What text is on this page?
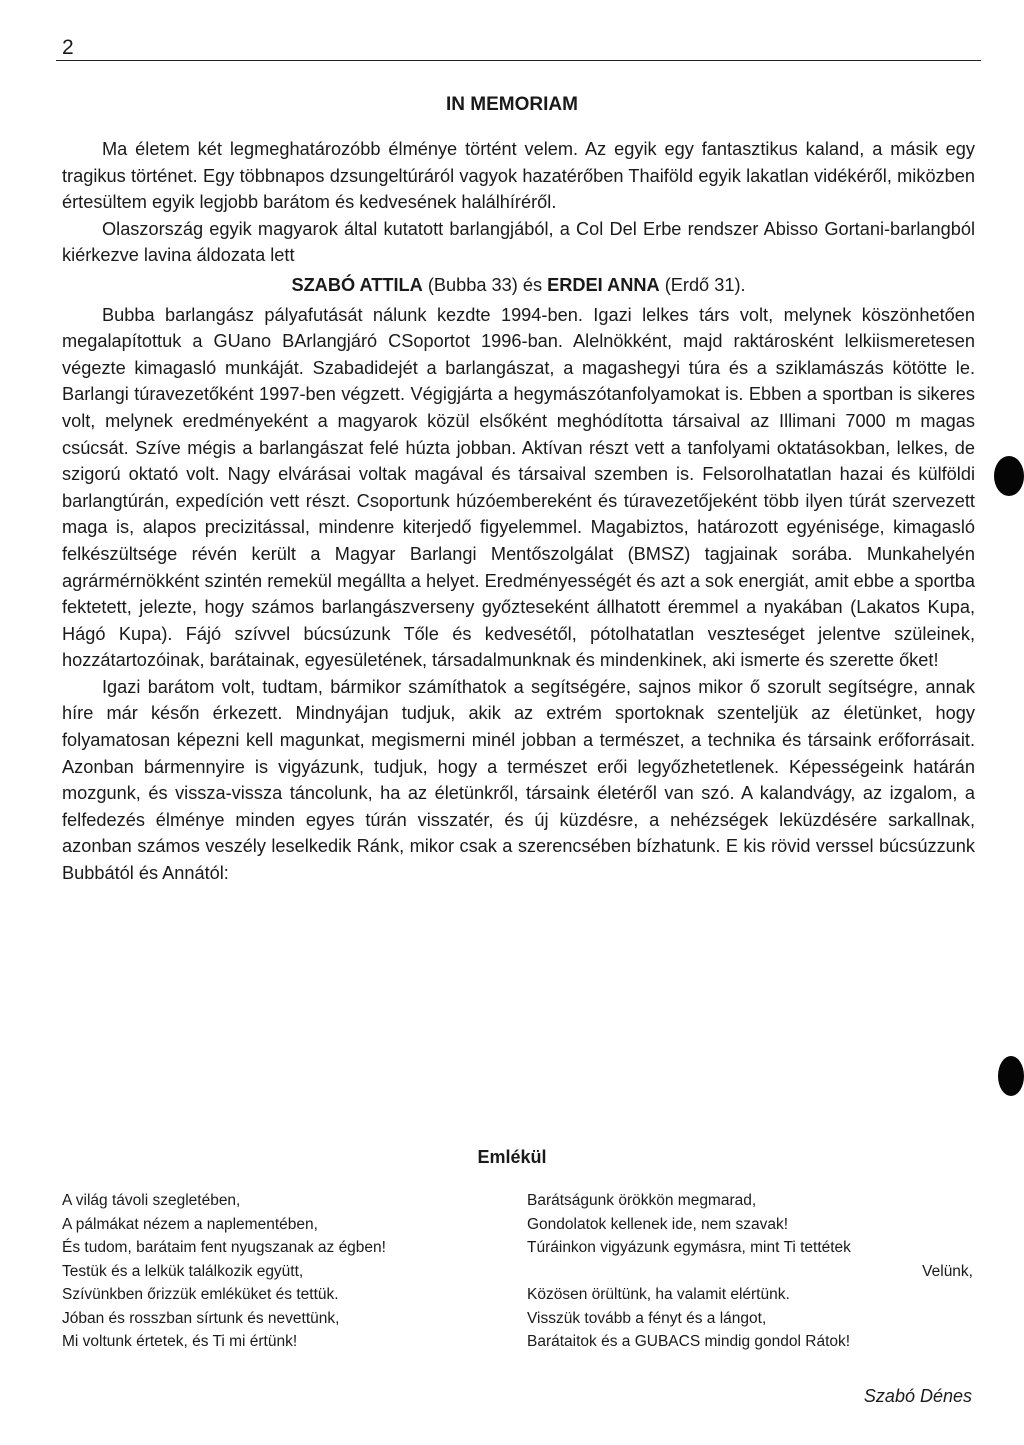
2
IN MEMORIAM

Ma életem két legmeghatározóbb élménye történt velem. Az egyik egy fantasztikus kaland, a másik egy tragikus történet. Egy többnapos dzsungeltúráról vagyok hazatérőben Thaiföld egyik lakatlan vidékéről, miközben értesültem egyik legjobb barátom és kedvesének halálhíréről.

Olaszország egyik magyarok által kutatott barlangjából, a Col Del Erbe rendszer Abisso Gortani-barlangból kiérkezve lavina áldozata lett

SZABÓ ATTILA (Bubba 33) és ERDEI ANNA (Erdő 31).

Bubba barlangász pályafutását nálunk kezdte 1994-ben. Igazi lelkes társ volt, melynek köszönhetően megalapítottuk a GUano BArlangjáró CSoportot 1996-ban. Alelnökként, majd raktárosként lelkiismeretesen végezte kimagasló munkáját. Szabadidejét a barlangászat, a magashegyi túra és a sziklamászás kötötte le. Barlangi túravezetőként 1997-ben végzett. Végigjárta a hegymászótanfolyamokat is. Ebben a sportban is sikeres volt, melynek eredményeként a magyarok közül elsőként meghódította társaival az Illimani 7000 m magas csúcsát. Szíve mégis a barlangászat felé húzta jobban. Aktívan részt vett a tanfolyami oktatásokban, lelkes, de szigorú oktató volt. Nagy elvárásai voltak magával és társaival szemben is. Felsorolhatatlan hazai és külföldi barlangtúrán, expedíción vett részt. Csoportunk húzóembereként és túravezetőjeként több ilyen túrát szervezett maga is, alapos precizitással, mindenre kiterjedő figyelemmel. Magabiztos, határozott egyénisége, kimagasló felkészültsége révén került a Magyar Barlangi Mentőszolgálat (BMSZ) tagjainak sorába. Munkahelyén agrármérnökként szintén remekül megállta a helyet. Eredményességét és azt a sok energiát, amit ebbe a sportba fektetett, jelezte, hogy számos barlangászverseny győzteseként állhatott éremmel a nyakában (Lakatos Kupa, Hágó Kupa). Fájó szívvel búcsúzunk Tőle és kedvesétől, pótolhatatlan veszteséget jelentve szüleinek, hozzátartozóinak, barátainak, egyesületének, társadalmunknak és mindenkinek, aki ismerte és szerette őket!

Igazi barátom volt, tudtam, bármikor számíthatok a segítségére, sajnos mikor ő szorult segítségre, annak híre már későn érkezett. Mindnyájan tudjuk, akik az extrém sportoknak szenteljük az életünket, hogy folyamatosan képezni kell magunkat, megismerni minél jobban a természet, a technika és társaink erőforrásait. Azonban bármennyire is vigyázunk, tudjuk, hogy a természet erői legyőzhetetlenek. Képességeink határán mozgunk, és vissza-vissza táncolunk, ha az életünkről, társaink életéről van szó. A kalandvágy, az izgalom, a felfedezés élménye minden egyes túrán visszatér, és új küzdésre, a nehézségek leküzdésére sarkallnak, azonban számos veszély leselkedik Ránk, mikor csak a szerencsében bízhatunk. E kis rövid verssel búcsúzzunk Bubbától és Annától:

Emlékül
A világ távoli szegletében,
A pálmákat nézem a naplementében,
És tudom, barátaim fent nyugszanak az égben!
Testük és a lelkük találkozik együtt,
Szívünkben őrizzük emléküket és tettük.
Jóban és rosszban sírtunk és nevettünk,
Mi voltunk értetek, és Ti mi értünk!
Barátságunk örökkön megmarad,
Gondolatok kellenek ide, nem szavak!
Túráinkon vigyázunk egymásra, mint Ti tettétek
Velünk,
Közösen örültünk, ha valamit elértünk.
Visszük tovább a fényt és a lángot,
Barátaitok és a GUBACS mindig gondol Rátok!
Szabó Dénes
